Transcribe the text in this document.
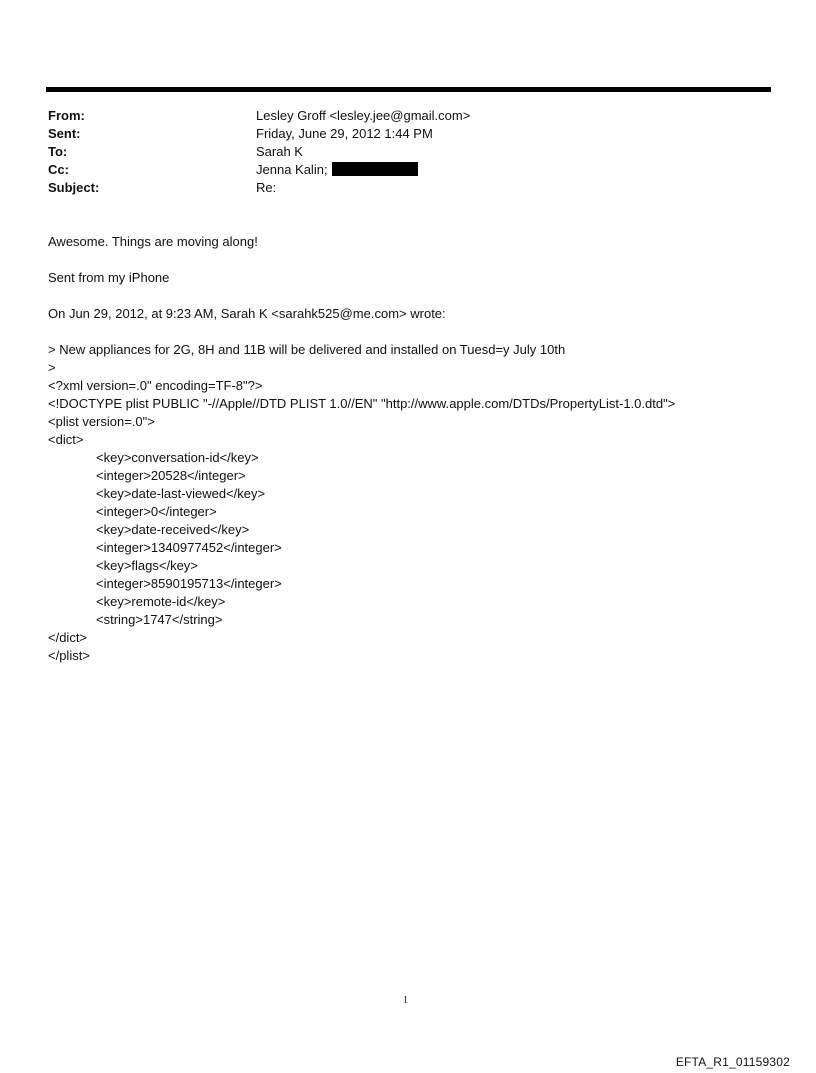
From:	Lesley Groff <lesley.jee@gmail.com>
Sent:	Friday, June 29, 2012 1:44 PM
To:	Sarah K
Cc:	Jenna Kalin;
Subject:	Re:

Awesome. Things are moving along!

Sent from my iPhone

On Jun 29, 2012, at 9:23 AM, Sarah K <sarahk525@me.com> wrote:

> New appliances for 2G, 8H and 11B will be delivered and installed on Tuesd=y July 10th
>
<?xml version=.0" encoding=TF-8"?>
<!DOCTYPE plist PUBLIC "-//Apple//DTD PLIST 1.0//EN" "http://www.apple.com/DTDs/PropertyList-1.0.dtd">
<plist version=.0">
<dict>
<key>conversation-id</key>
<integer>20528</integer>
<key>date-last-viewed</key>
<integer>0</integer>
<key>date-received</key>
<integer>1340977452</integer>
<key>flags</key>
<integer>8590195713</integer>
<key>remote-id</key>
<string>1747</string>
</dict>
</plist>
1
EFTA_R1_01159302
